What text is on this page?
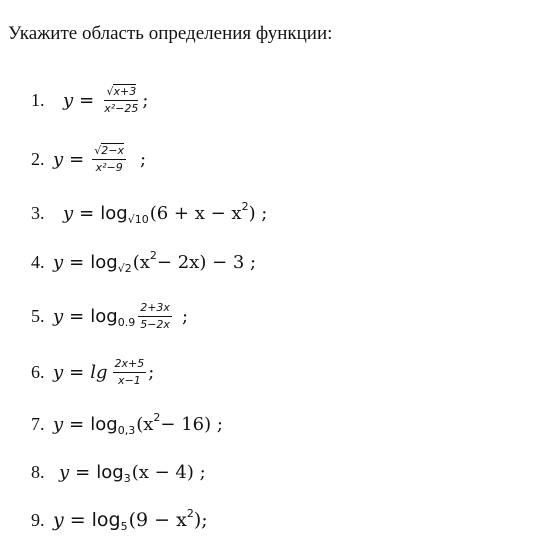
Укажите область определения функции:
1.	$y = \frac{√x+3}{\text{x²−25}}$ ;
2. $y = \frac{√2-x}{\text{x²−9}}$ ;
3.	y = log √10 (6 + x − x 2 ) ;
4. y = log √2 (x 2 − 2x) − 3 ;
5. $y = \log 0.9 \frac{2+3x}{5-2x}$ ;
6. $y = \lg \frac{2x+5}{x-1}$ ;
7. y = log 0,3 (x 2 − 16) ;
8. y = log 3 (x − 4) ;
9. y = log 5 (9 − x 2 );
